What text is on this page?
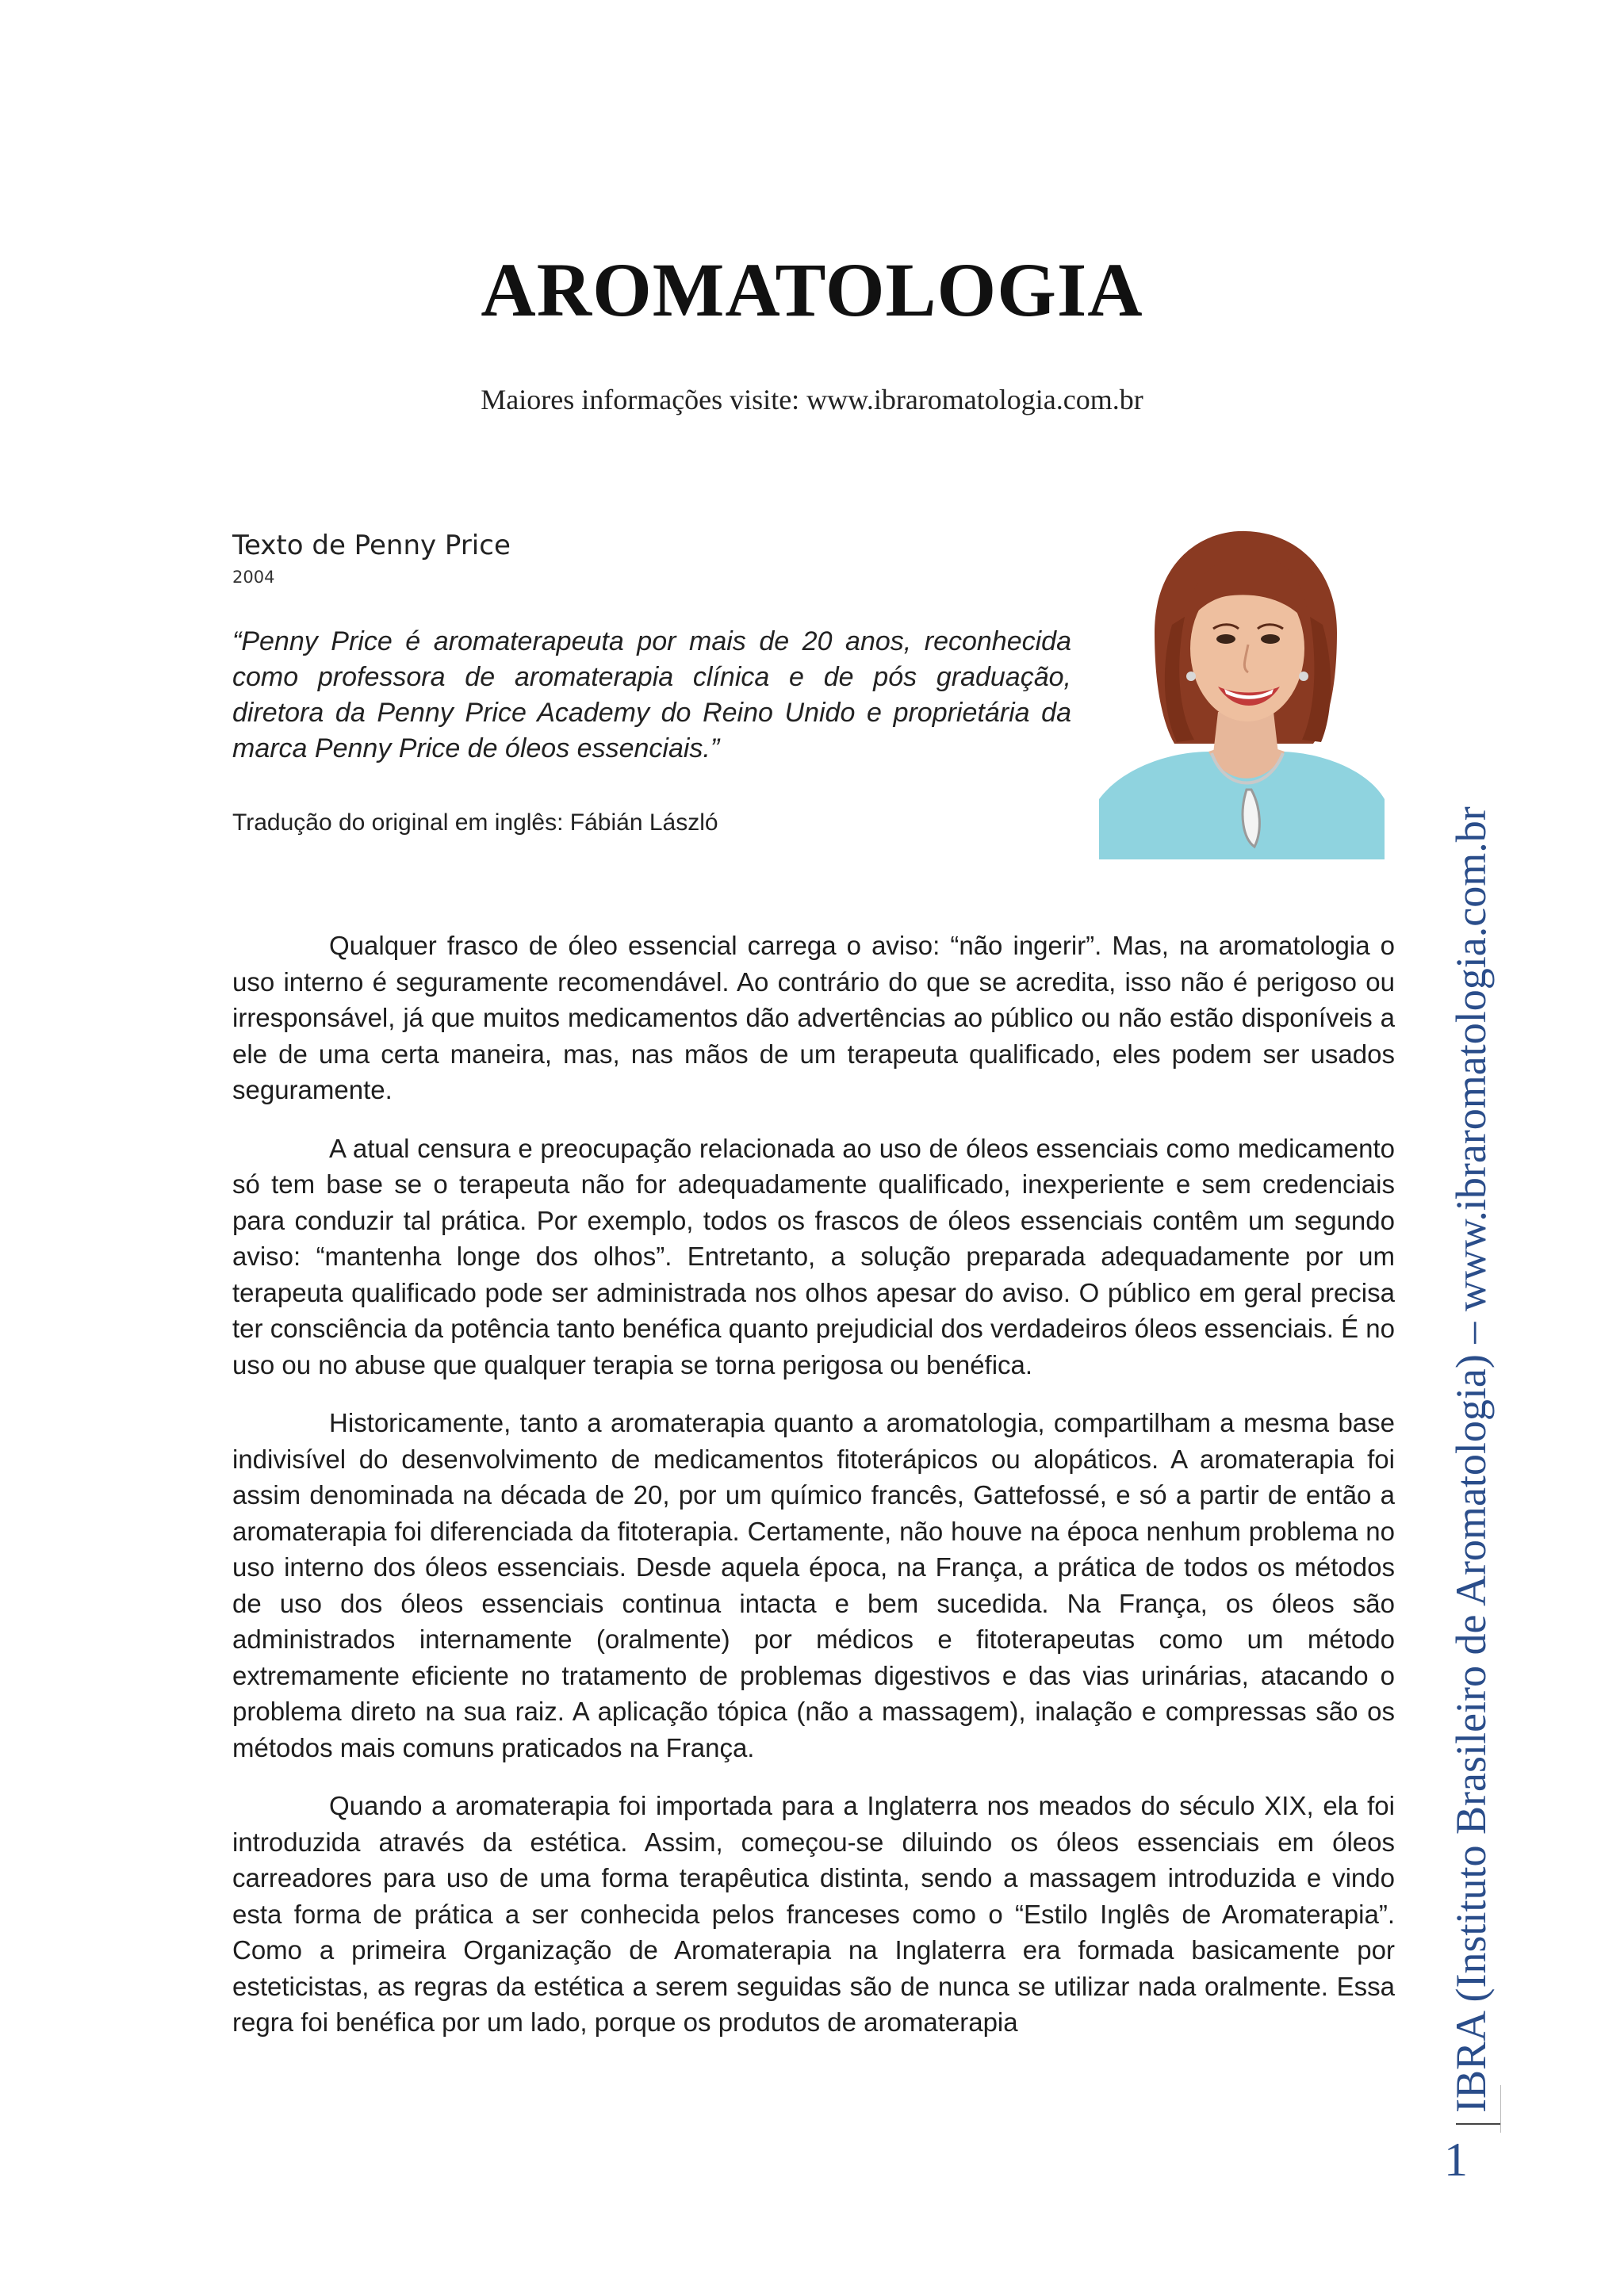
AROMATOLOGIA
Maiores informações visite: www.ibraromatologia.com.br
Texto de Penny Price
2004
“Penny Price é aromaterapeuta por mais de 20 anos, reconhecida como professora de aromaterapia clínica e de pós graduação, diretora da Penny Price Academy do Reino Unido e proprietária da marca Penny Price de óleos essenciais.”
Tradução do original em inglês: Fábián László

Qualquer frasco de óleo essencial carrega o aviso: “não ingerir”. Mas, na aromatologia o uso interno é seguramente recomendável. Ao contrário do que se acredita, isso não é perigoso ou irresponsável, já que muitos medicamentos dão advertências ao público ou não estão disponíveis a ele de uma certa maneira, mas, nas mãos de um terapeuta qualificado, eles podem ser usados seguramente.

A atual censura e preocupação relacionada ao uso de óleos essenciais como medicamento só tem base se o terapeuta não for adequadamente qualificado, inexperiente e sem credenciais para conduzir tal prática. Por exemplo, todos os frascos de óleos essenciais contêm um segundo aviso: “mantenha longe dos olhos”. Entretanto, a solução preparada adequadamente por um terapeuta qualificado pode ser administrada nos olhos apesar do aviso. O público em geral precisa ter consciência da potência tanto benéfica quanto prejudicial dos verdadeiros óleos essenciais. É no uso ou no abuse que qualquer terapia se torna perigosa ou benéfica.

Historicamente, tanto a aromaterapia quanto a aromatologia, compartilham a mesma base indivisível do desenvolvimento de medicamentos fitoterápicos ou alopáticos. A aromaterapia foi assim denominada na década de 20, por um químico francês, Gattefossé, e só a partir de então a aromaterapia foi diferenciada da fitoterapia. Certamente, não houve na época nenhum problema no uso interno dos óleos essenciais. Desde aquela época, na França, a prática de todos os métodos de uso dos óleos essenciais continua intacta e bem sucedida. Na França, os óleos são administrados internamente (oralmente) por médicos e fitoterapeutas como um método extremamente eficiente no tratamento de problemas digestivos e das vias urinárias, atacando o problema direto na sua raiz. A aplicação tópica (não a massagem), inalação e compressas são os métodos mais comuns praticados na França.

Quando a aromaterapia foi importada para a Inglaterra nos meados do século XIX, ela foi introduzida através da estética. Assim, começou-se diluindo os óleos essenciais em óleos carreadores para uso de uma forma terapêutica distinta, sendo a massagem introduzida e vindo esta forma de prática a ser conhecida pelos franceses como o “Estilo Inglês de Aromaterapia”. Como a primeira Organização de Aromaterapia na Inglaterra era formada basicamente por esteticistas, as regras da estética a serem seguidas são de nunca se utilizar nada oralmente. Essa regra foi benéfica por um lado, porque os produtos de aromaterapia	IBRA (Instituto Brasileiro de Aromatologia) – www.ibraromatologia.com.br
1
